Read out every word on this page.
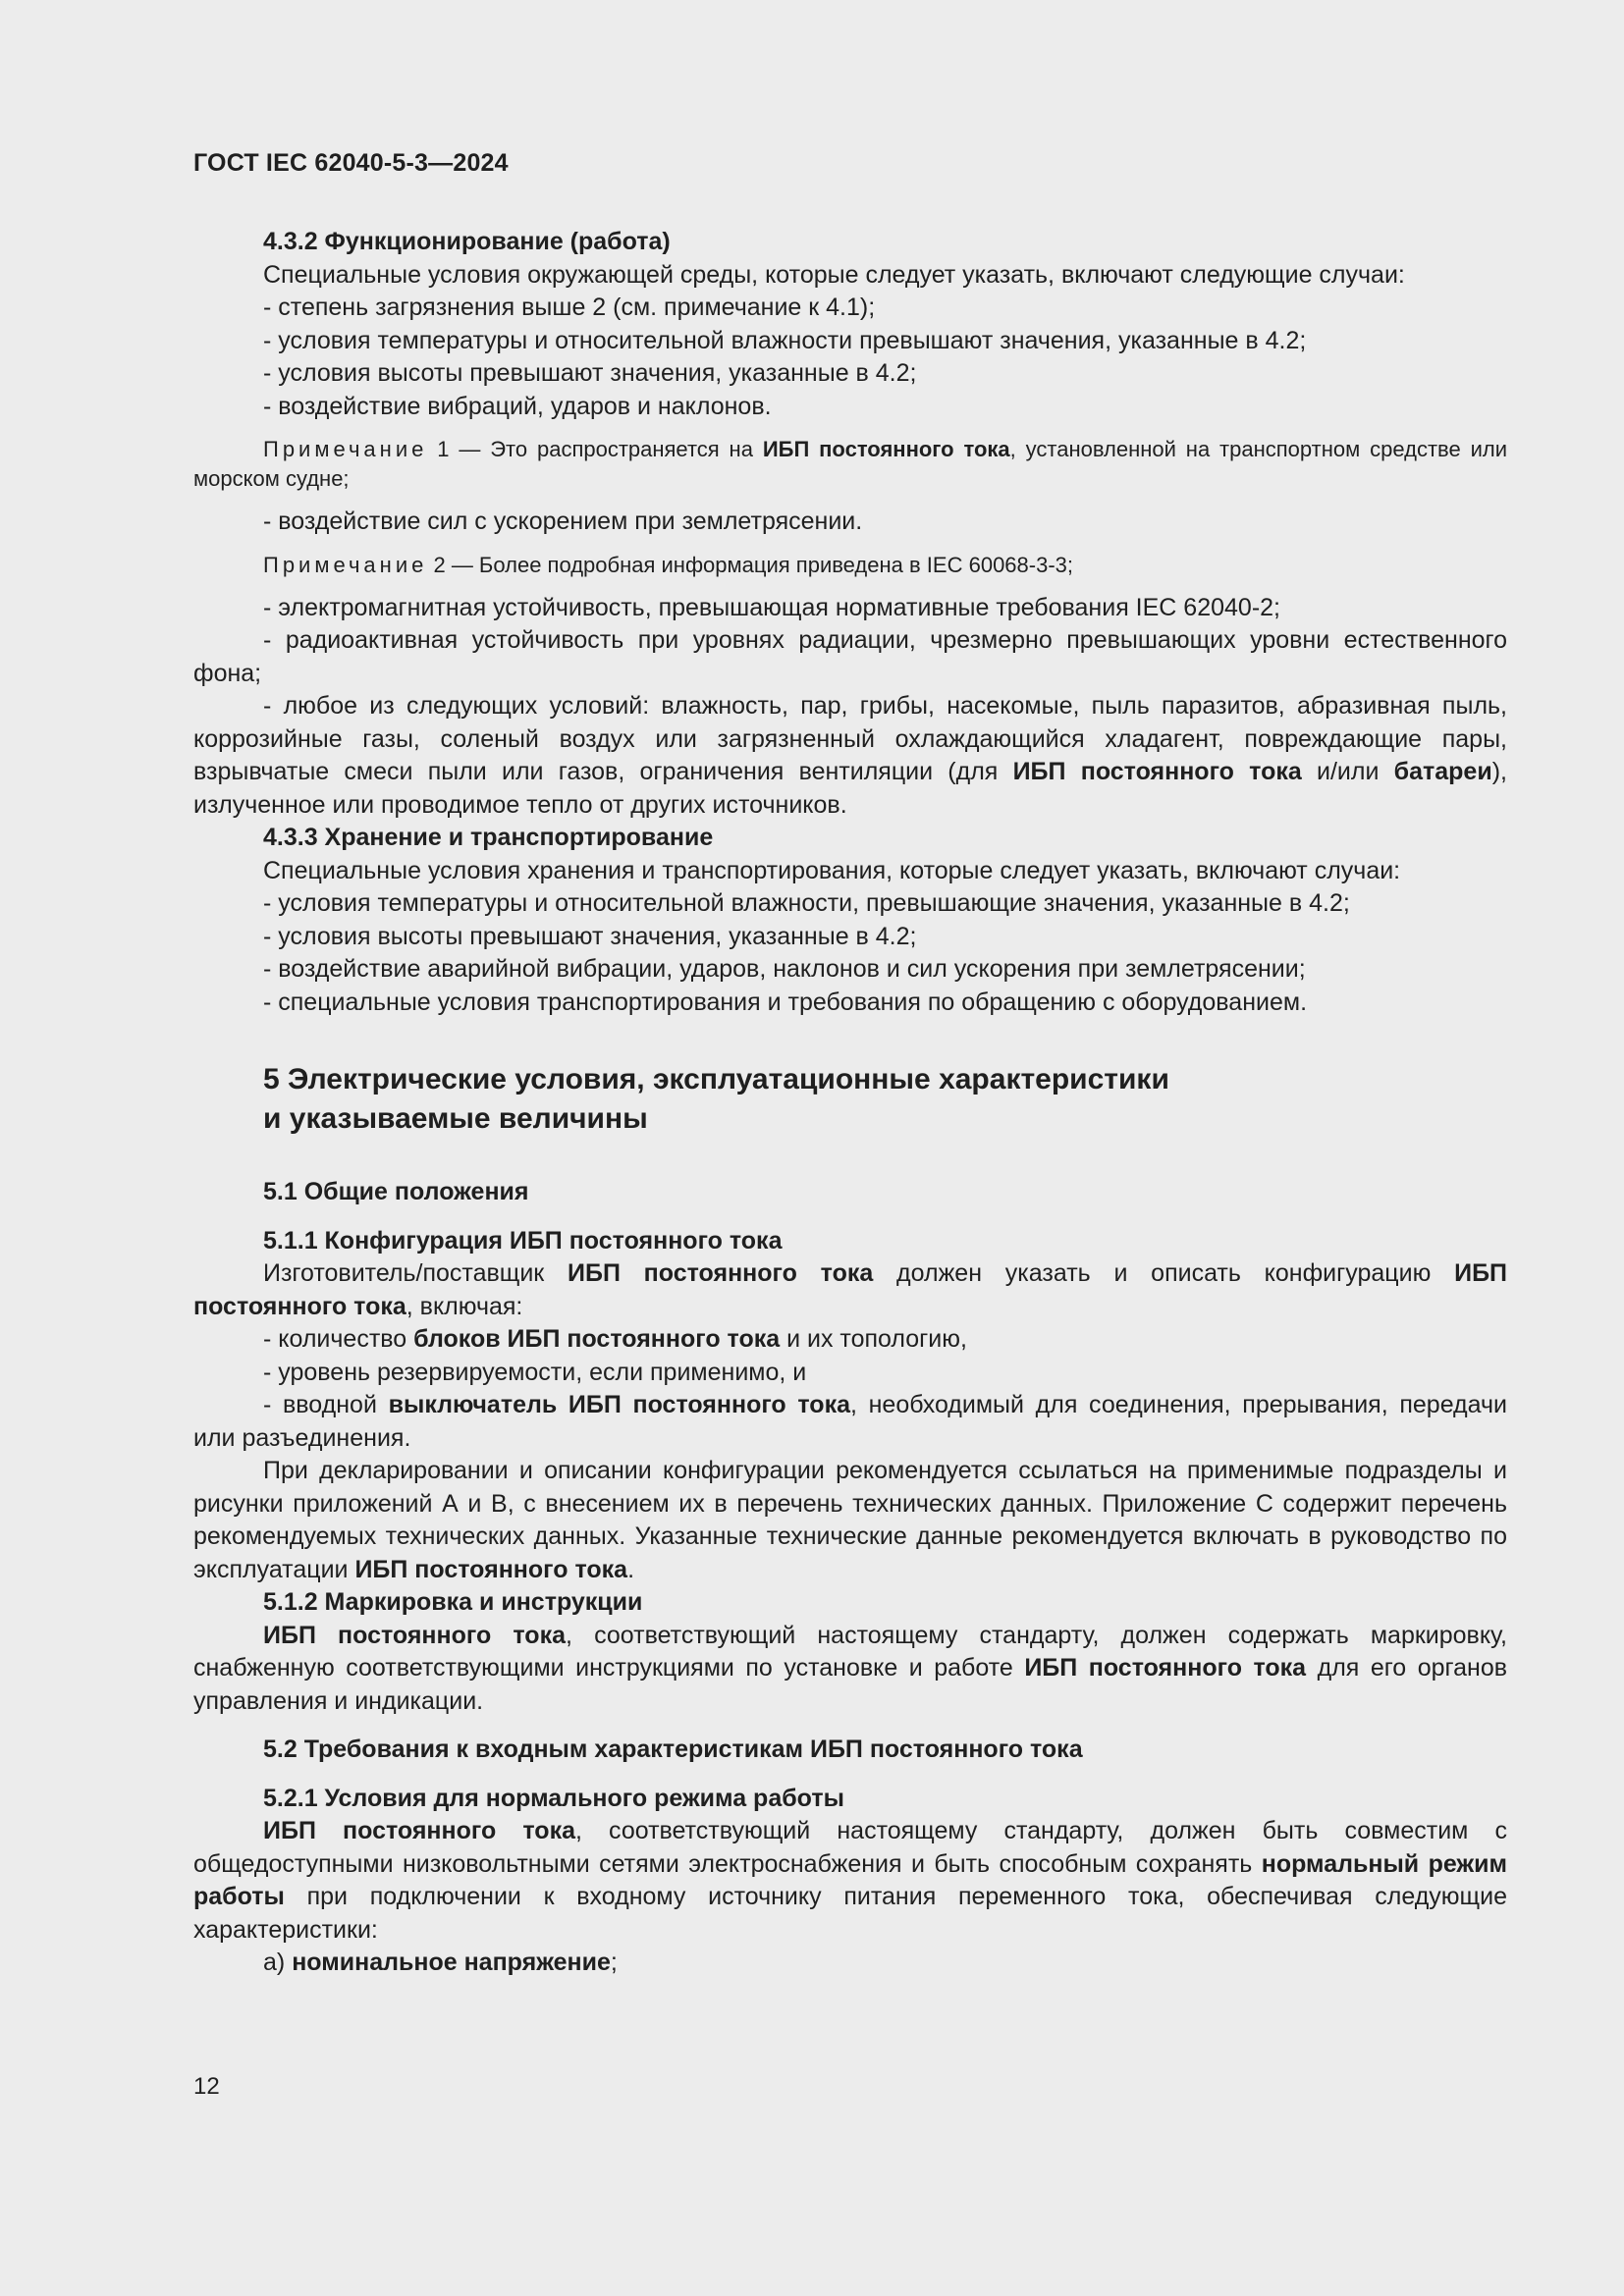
ГОСТ IEC 62040-5-3—2024

4.3.2 Функционирование (работа)

Специальные условия окружающей среды, которые следует указать, включают следующие случаи:

- степень загрязнения выше 2 (см. примечание к 4.1);

- условия температуры и относительной влажности превышают значения, указанные в 4.2;

- условия высоты превышают значения, указанные в 4.2;

- воздействие вибраций, ударов и наклонов.

Примечание 1 — Это распространяется на ИБП постоянного тока, установленной на транспортном средстве или морском судне;

- воздействие сил с ускорением при землетрясении.

Примечание 2 — Более подробная информация приведена в IEC 60068-3-3;

- электромагнитная устойчивость, превышающая нормативные требования IEC 62040-2;

- радиоактивная устойчивость при уровнях радиации, чрезмерно превышающих уровни естественного фона;

- любое из следующих условий: влажность, пар, грибы, насекомые, пыль паразитов, абразивная пыль, коррозийные газы, соленый воздух или загрязненный охлаждающийся хладагент, повреждающие пары, взрывчатые смеси пыли или газов, ограничения вентиляции (для ИБП постоянного тока и/или батареи), излученное или проводимое тепло от других источников.

4.3.3 Хранение и транспортирование

Специальные условия хранения и транспортирования, которые следует указать, включают случаи:

- условия температуры и относительной влажности, превышающие значения, указанные в 4.2;

- условия высоты превышают значения, указанные в 4.2;

- воздействие аварийной вибрации, ударов, наклонов и сил ускорения при землетрясении;

- специальные условия транспортирования и требования по обращению с оборудованием.

5 Электрические условия, эксплуатационные характеристики
и указываемые величины

5.1 Общие положения

5.1.1 Конфигурация ИБП постоянного тока

Изготовитель/поставщик ИБП постоянного тока должен указать и описать конфигурацию ИБП постоянного тока, включая:

- количество блоков ИБП постоянного тока и их топологию,

- уровень резервируемости, если применимо, и

- вводной выключатель ИБП постоянного тока, необходимый для соединения, прерывания, передачи или разъединения.

При декларировании и описании конфигурации рекомендуется ссылаться на применимые подразделы и рисунки приложений А и В, с внесением их в перечень технических данных. Приложение С содержит перечень рекомендуемых технических данных. Указанные технические данные рекомендуется включать в руководство по эксплуатации ИБП постоянного тока.

5.1.2 Маркировка и инструкции

ИБП постоянного тока, соответствующий настоящему стандарту, должен содержать маркировку, снабженную соответствующими инструкциями по установке и работе ИБП постоянного тока для его органов управления и индикации.

5.2 Требования к входным характеристикам ИБП постоянного тока

5.2.1 Условия для нормального режима работы

ИБП постоянного тока, соответствующий настоящему стандарту, должен быть совместим с общедоступными низковольтными сетями электроснабжения и быть способным сохранять нормальный режим работы при подключении к входному источнику питания переменного тока, обеспечивая следующие характеристики:

a) номинальное напряжение;

12
